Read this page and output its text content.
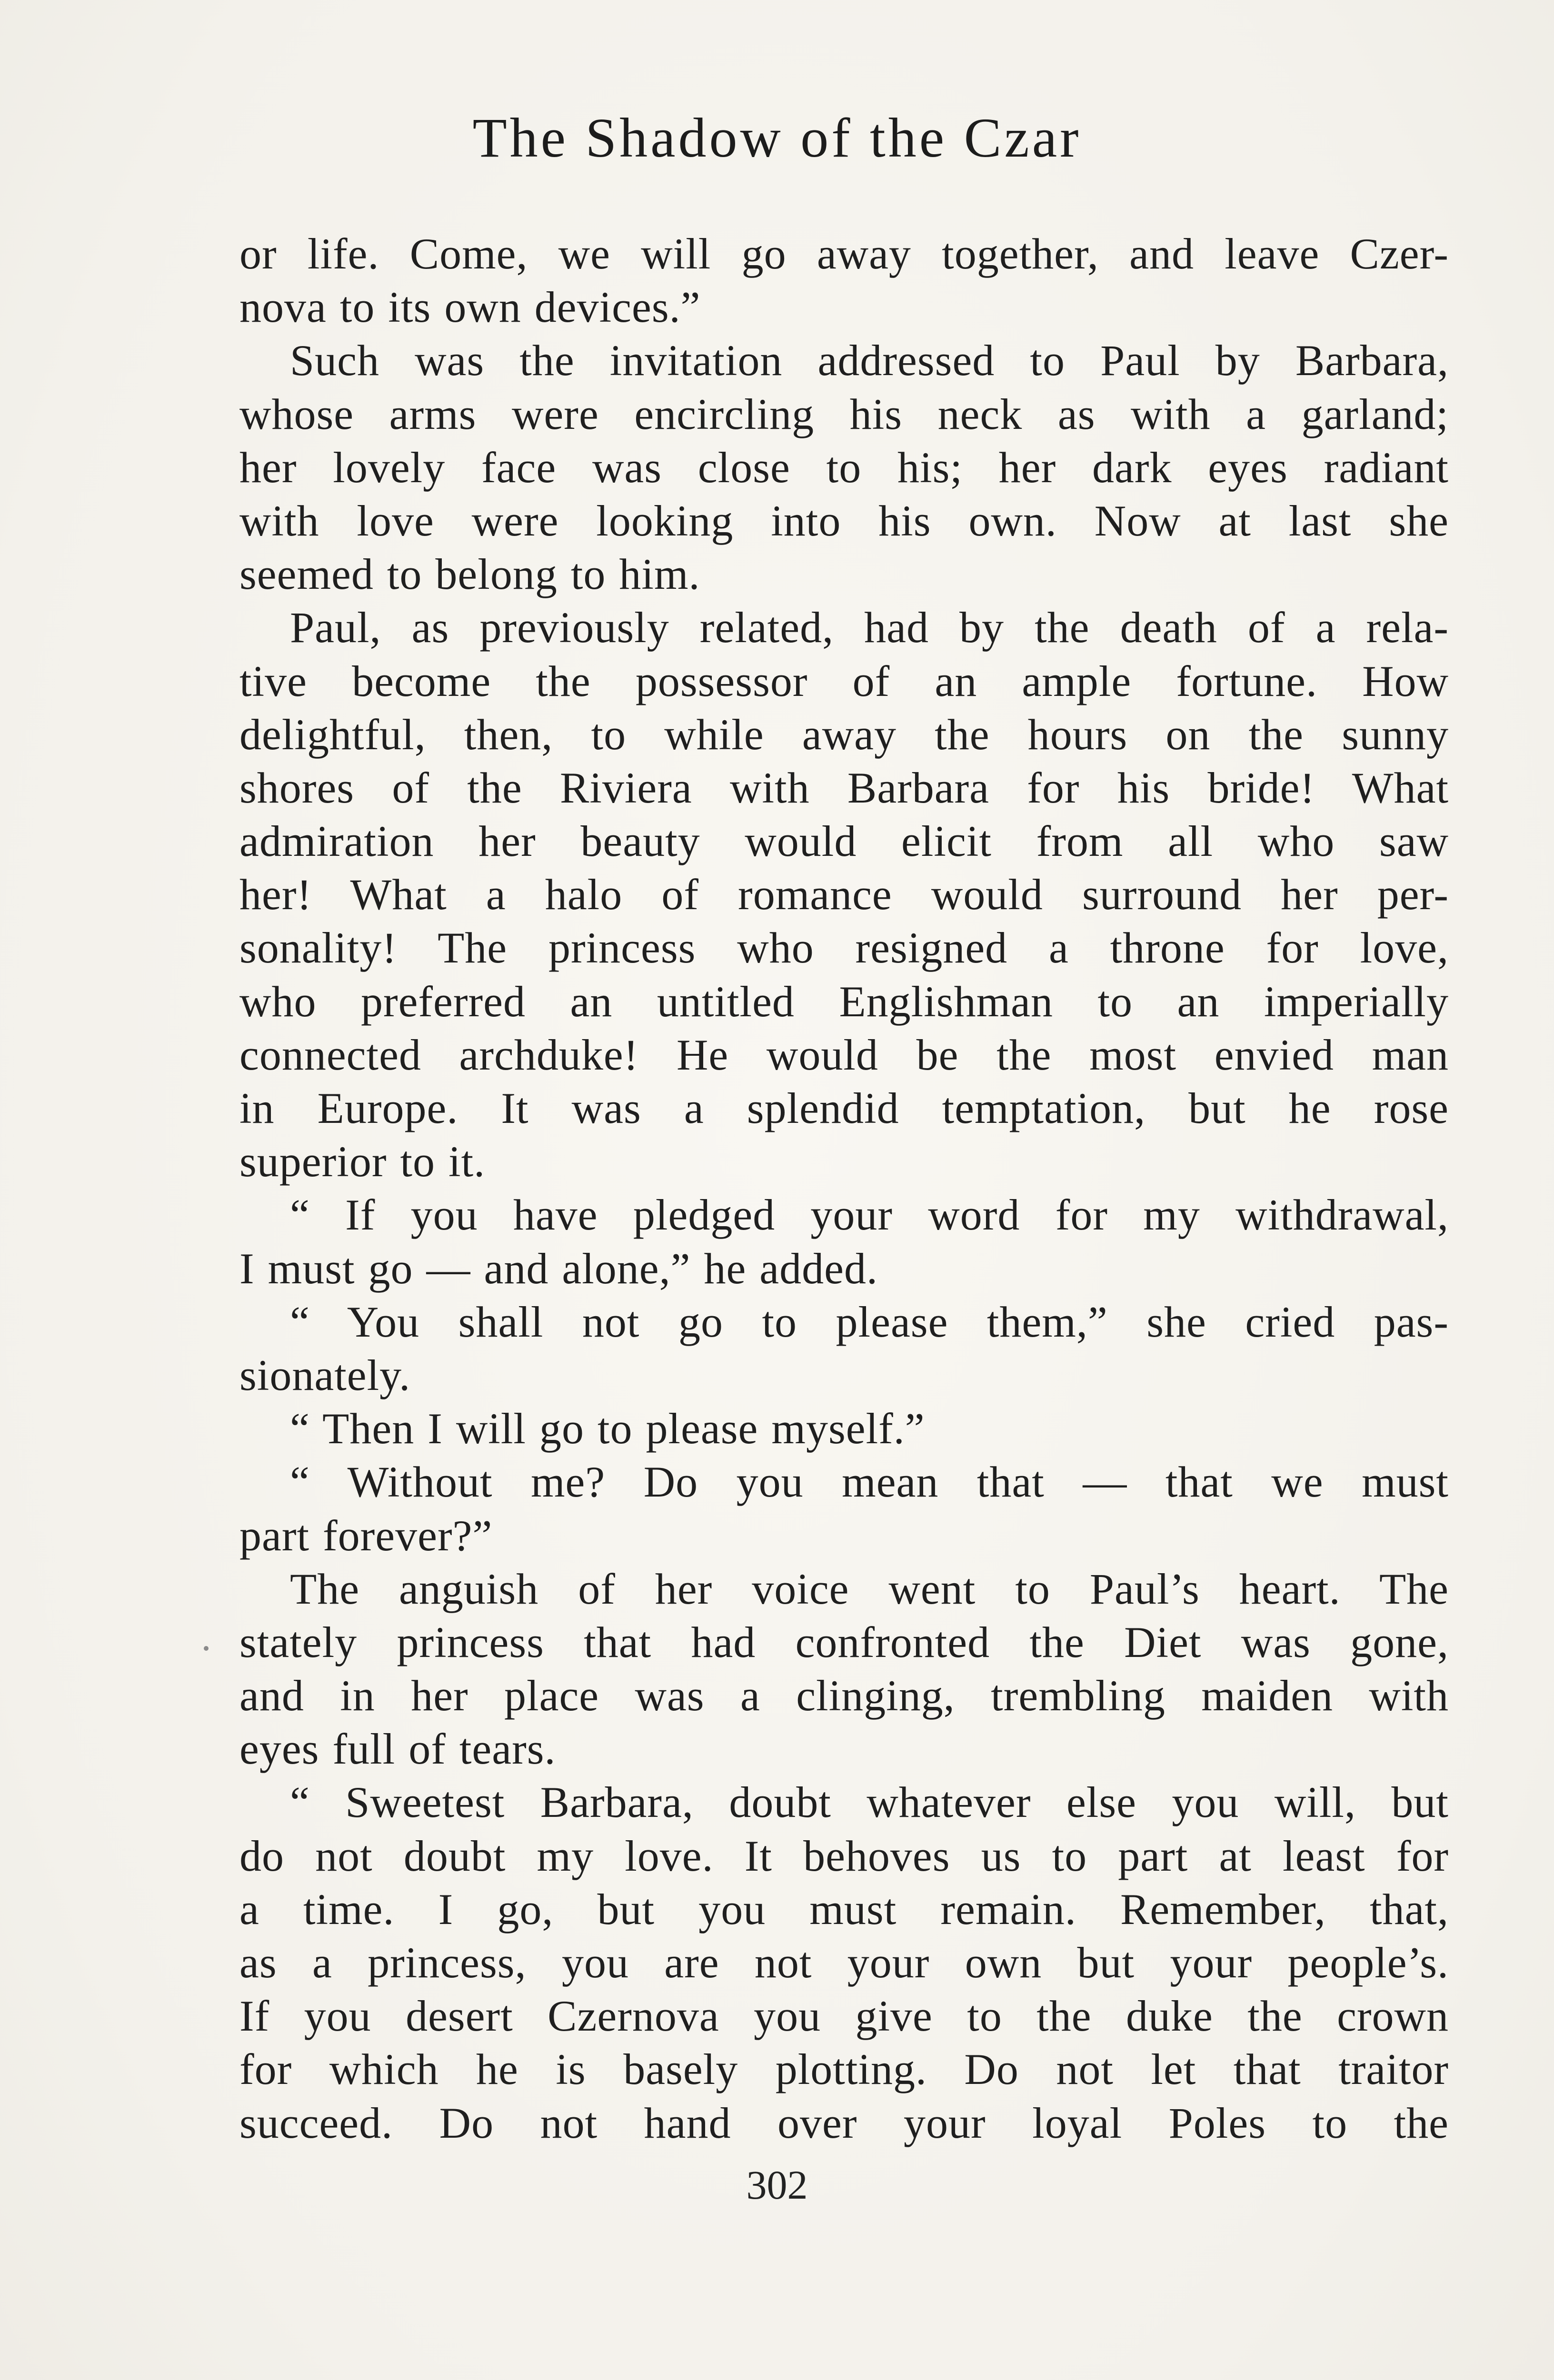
The Shadow of the Czar
or life. Come, we will go away together, and leave Czer-
nova to its own devices.”
Such was the invitation addressed to Paul by Barbara,
whose arms were encircling his neck as with a garland;
her lovely face was close to his; her dark eyes radiant
with love were looking into his own. Now at last she
seemed to belong to him.
Paul, as previously related, had by the death of a rela-
tive become the possessor of an ample fortune. How
delightful, then, to while away the hours on the sunny
shores of the Riviera with Barbara for his bride! What
admiration her beauty would elicit from all who saw
her! What a halo of romance would surround her per-
sonality! The princess who resigned a throne for love,
who preferred an untitled Englishman to an imperially
connected archduke! He would be the most envied man
in Europe. It was a splendid temptation, but he rose
superior to it.
“ If you have pledged your word for my withdrawal,
I must go — and alone,” he added.
“ You shall not go to please them,” she cried pas-
sionately.
“ Then I will go to please myself.”
“ Without me? Do you mean that — that we must
part forever?”
The anguish of her voice went to Paul’s heart. The
stately princess that had confronted the Diet was gone,
and in her place was a clinging, trembling maiden with
eyes full of tears.
“ Sweetest Barbara, doubt whatever else you will, but
do not doubt my love. It behoves us to part at least for
a time. I go, but you must remain. Remember, that,
as a princess, you are not your own but your people’s.
If you desert Czernova you give to the duke the crown
for which he is basely plotting. Do not let that traitor
succeed. Do not hand over your loyal Poles to the
302
